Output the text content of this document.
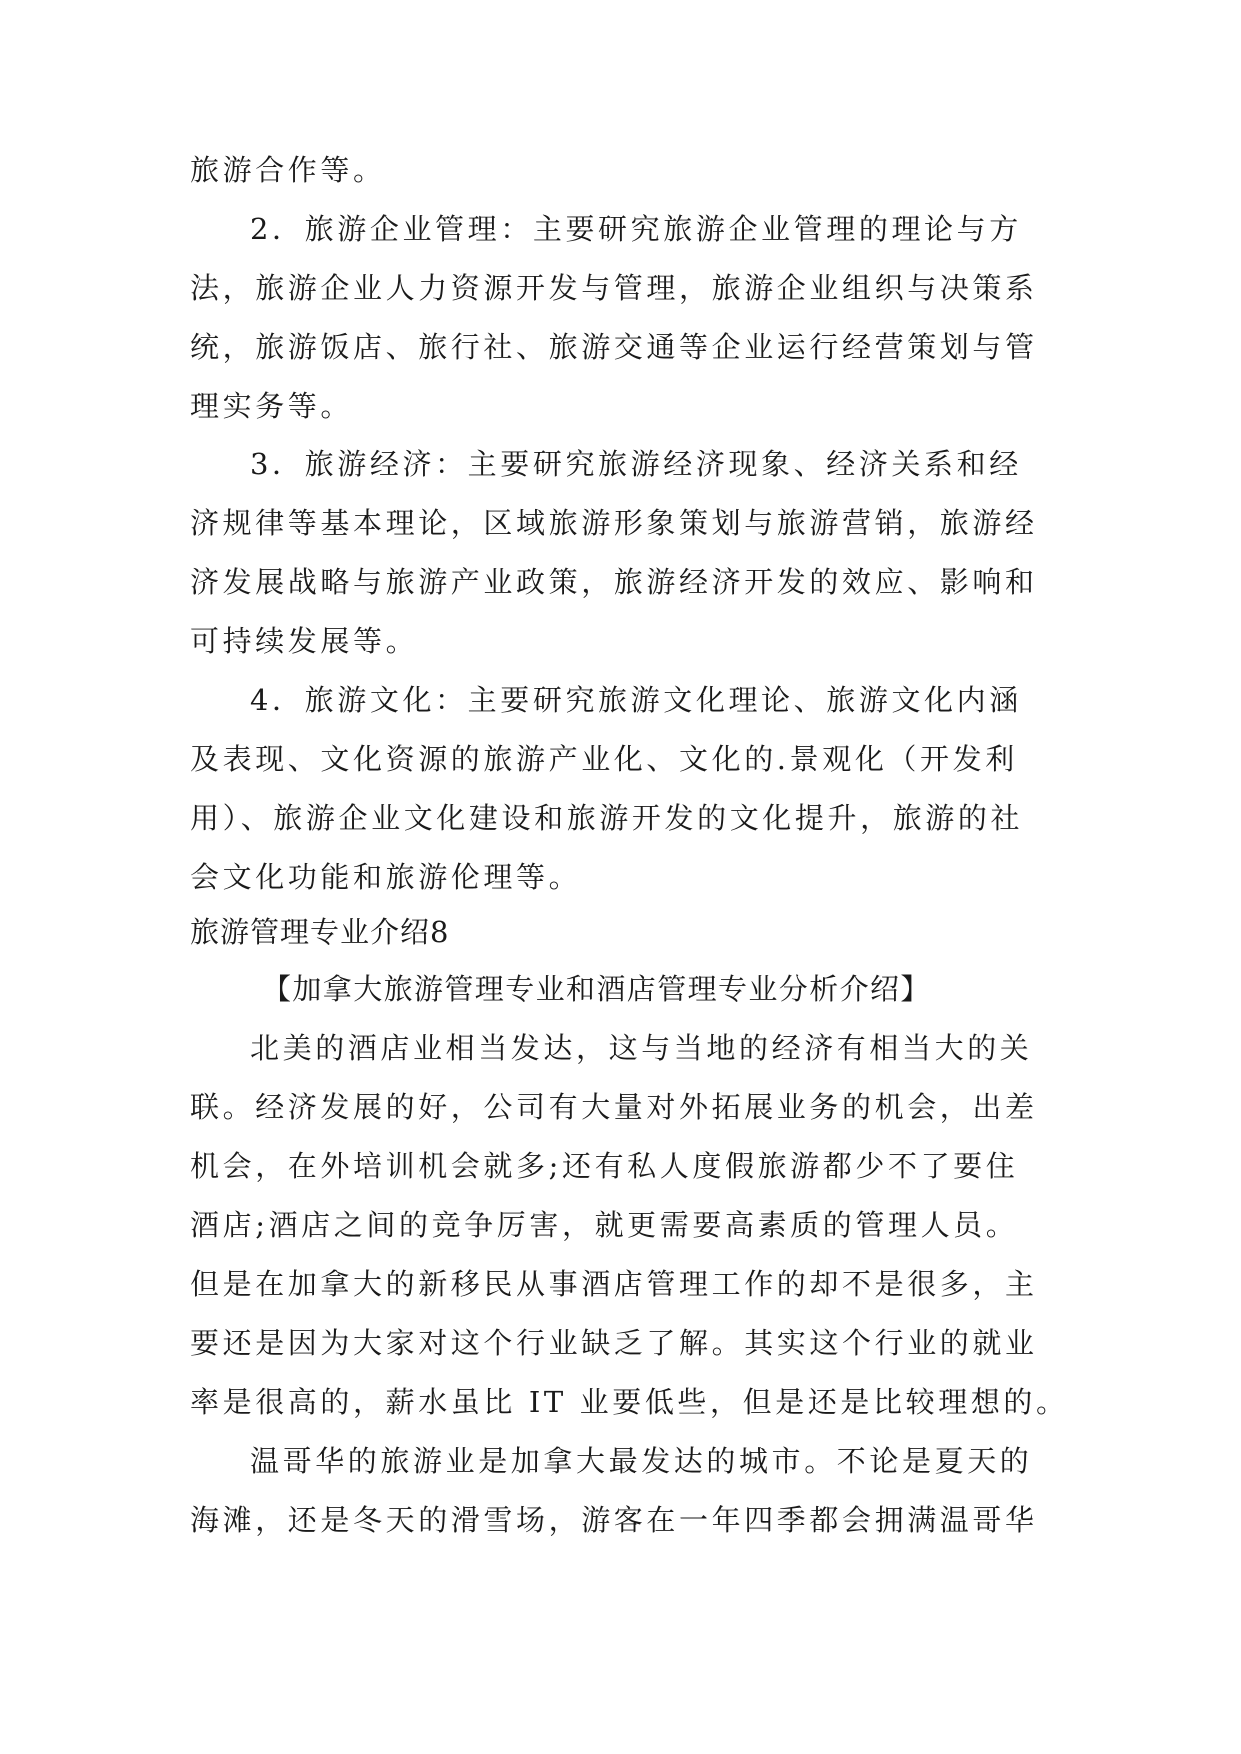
旅游合作等。
2．旅游企业管理：主要研究旅游企业管理的理论与方
法，旅游企业人力资源开发与管理，旅游企业组织与决策系
统，旅游饭店、旅行社、旅游交通等企业运行经营策划与管
理实务等。
3．旅游经济：主要研究旅游经济现象、经济关系和经
济规律等基本理论，区域旅游形象策划与旅游营销，旅游经
济发展战略与旅游产业政策，旅游经济开发的效应、影响和
可持续发展等。
4．旅游文化：主要研究旅游文化理论、旅游文化内涵
及表现、文化资源的旅游产业化、文化的.景观化（开发利
用）、旅游企业文化建设和旅游开发的文化提升，旅游的社
会文化功能和旅游伦理等。
旅游管理专业介绍8
【加拿大旅游管理专业和酒店管理专业分析介绍】
北美的酒店业相当发达，这与当地的经济有相当大的关
联。经济发展的好，公司有大量对外拓展业务的机会，出差
机会，在外培训机会就多;还有私人度假旅游都少不了要住
酒店;酒店之间的竞争厉害，就更需要高素质的管理人员。
但是在加拿大的新移民从事酒店管理工作的却不是很多，主
要还是因为大家对这个行业缺乏了解。其实这个行业的就业
率是很高的，薪水虽比 IT 业要低些，但是还是比较理想的。
温哥华的旅游业是加拿大最发达的城市。不论是夏天的
海滩，还是冬天的滑雪场，游客在一年四季都会拥满温哥华
